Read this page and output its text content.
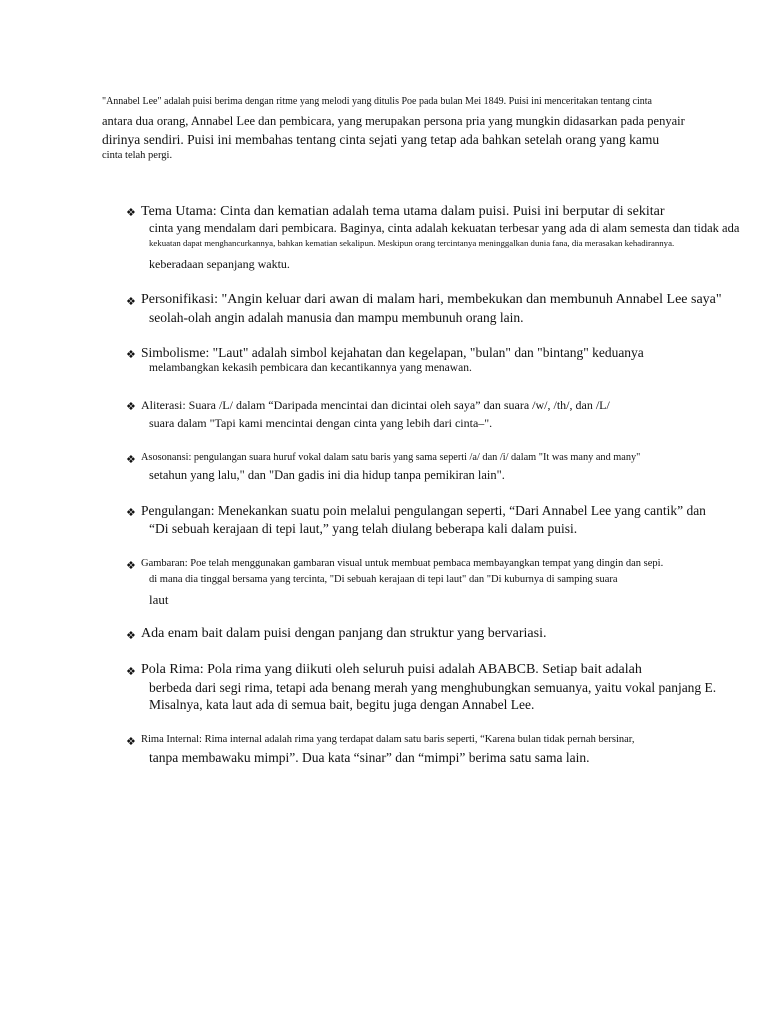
"Annabel Lee" adalah puisi berima dengan ritme yang melodi yang ditulis Poe pada bulan Mei 1849. Puisi ini menceritakan tentang cinta
antara dua orang, Annabel Lee dan pembicara, yang merupakan persona pria yang mungkin didasarkan pada penyair
dirinya sendiri. Puisi ini membahas tentang cinta sejati yang tetap ada bahkan setelah orang yang kamu
cinta telah pergi.
❖ Tema Utama: Cinta dan kematian adalah tema utama dalam puisi. Puisi ini berputar di sekitar
cinta yang mendalam dari pembicara. Baginya, cinta adalah kekuatan terbesar yang ada di alam semesta dan tidak ada
kekuatan dapat menghancurkannya, bahkan kematian sekalipun. Meskipun orang tercintanya meninggalkan dunia fana, dia merasakan kehadirannya.
keberadaan sepanjang waktu.
❖ Personifikasi: "Angin keluar dari awan di malam hari, membekukan dan membunuh Annabel Lee saya"
seolah-olah angin adalah manusia dan mampu membunuh orang lain.
❖ Simbolisme: "Laut" adalah simbol kejahatan dan kegelapan, "bulan" dan "bintang" keduanya
melambangkan kekasih pembicara dan kecantikannya yang menawan.
❖ Aliterasi: Suara /L/ dalam “Daripada mencintai dan dicintai oleh saya” dan suara /w/, /th/, dan /L/
suara dalam "Tapi kami mencintai dengan cinta yang lebih dari cinta–".
❖ Asosonansi: pengulangan suara huruf vokal dalam satu baris yang sama seperti /a/ dan /i/ dalam "It was many and many"
setahun yang lalu," dan "Dan gadis ini dia hidup tanpa pemikiran lain".
❖ Pengulangan: Menekankan suatu poin melalui pengulangan seperti, “Dari Annabel Lee yang cantik” dan
“Di sebuah kerajaan di tepi laut,” yang telah diulang beberapa kali dalam puisi.
❖ Gambaran: Poe telah menggunakan gambaran visual untuk membuat pembaca membayangkan tempat yang dingin dan sepi.
di mana dia tinggal bersama yang tercinta, "Di sebuah kerajaan di tepi laut" dan "Di kuburnya di samping suara
laut
❖ Ada enam bait dalam puisi dengan panjang dan struktur yang bervariasi.
❖ Pola Rima: Pola rima yang diikuti oleh seluruh puisi adalah ABABCB. Setiap bait adalah
berbeda dari segi rima, tetapi ada benang merah yang menghubungkan semuanya, yaitu vokal panjang E.
Misalnya, kata laut ada di semua bait, begitu juga dengan Annabel Lee.
❖ Rima Internal: Rima internal adalah rima yang terdapat dalam satu baris seperti, “Karena bulan tidak pernah bersinar,
tanpa membawaku mimpi”. Dua kata “sinar” dan “mimpi” berima satu sama lain.
